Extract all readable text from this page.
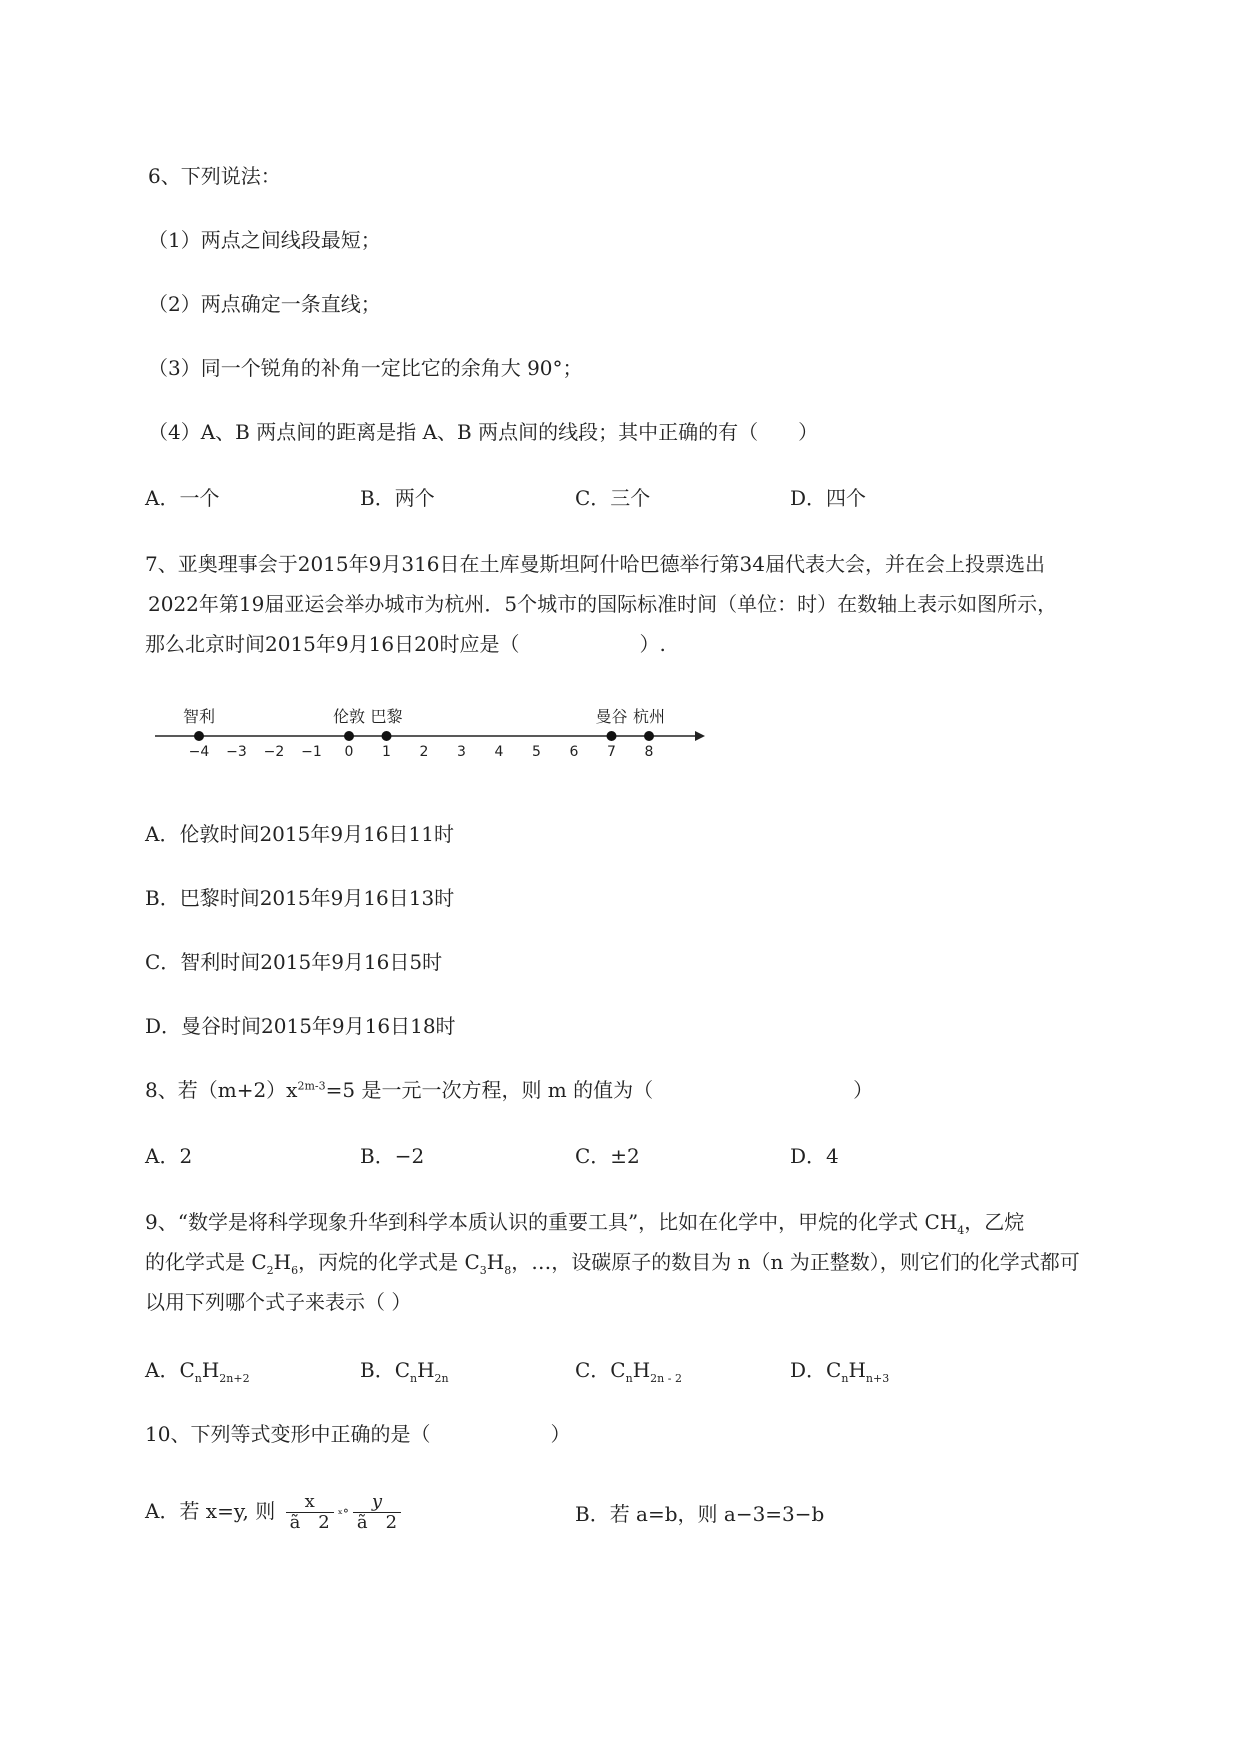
6、下列说法：
（1）两点之间线段最短；
（2）两点确定一条直线；
（3）同一个锐角的补角一定比它的余角大 90°；
（4）A、B 两点间的距离是指 A、B 两点间的线段；其中正确的有（　　）
A．一个	B．两个	C．三个	D．四个
7、亚奥理事会于2015年9月316日在土库曼斯坦阿什哈巴德举行第34届代表大会，并在会上投票选出
2022年第19届亚运会举办城市为杭州．5个城市的国际标准时间（单位：时）在数轴上表示如图所示，
那么北京时间2015年9月16日20时应是（　　　　　　）.
−4 −3 −2 −1 0 1 2 3 4 5 6 7 8
智利	伦敦 巴黎	曼谷 杭州
A．伦敦时间2015年9月16日11时
B．巴黎时间2015年9月16日13时
C．智利时间2015年9月16日5时
D．曼谷时间2015年9月16日18时
8、若$(m+2)x^{2m-3}=5$ 是一元一次方程，则 m 的值为（　　　　　　　　　　）
A．2	B．−2	C．±2	D．4
9、“数学是将科学现象升华到科学本质认识的重要工具”，比如在化学中，甲烷的化学式 $CH_4$，乙烷
的化学式是 $C_2H_6$，丙烷的化学式是 $C_3H_8$，…，设碳原子的数目为 n（n 为正整数），则它们的化学式都可
以用下列哪个式子来表示（ ）
A．$C_nH_{2n+2}$	B．$C_nH_{2n}$	C．$C_nH_{2n - 2}$	D．$C_nH_{n+3}$
10、下列等式变形中正确的是（　　　　　　）
A．若 x=y, 则 $\frac{x}{ã 2}$ ˣ° $\frac{y}{ã 2}$	B．若 a=b，则 a−3=3−b
